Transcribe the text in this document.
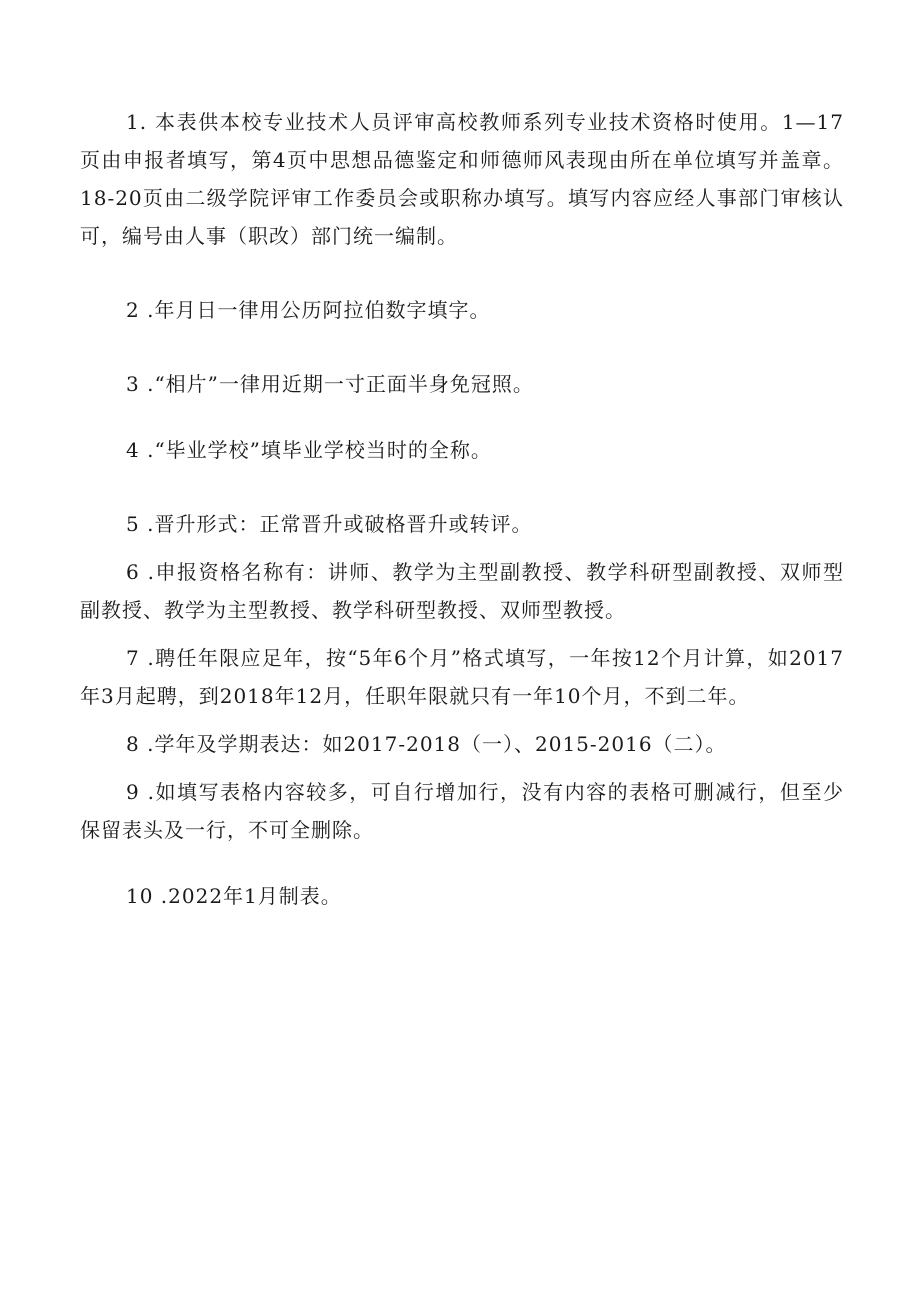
1. 本表供本校专业技术人员评审高校教师系列专业技术资格时使用。1—17页由申报者填写，第4页中思想品德鉴定和师德师风表现由所在单位填写并盖章。18-20页由二级学院评审工作委员会或职称办填写。填写内容应经人事部门审核认可，编号由人事（职改）部门统一编制。

2 .年月日一律用公历阿拉伯数字填字。

3 .“相片”一律用近期一寸正面半身免冠照。

4 .“毕业学校”填毕业学校当时的全称。

5 .晋升形式：正常晋升或破格晋升或转评。

6 .申报资格名称有：讲师、教学为主型副教授、教学科研型副教授、双师型副教授、教学为主型教授、教学科研型教授、双师型教授。

7 .聘任年限应足年，按“5年6个月”格式填写，一年按12个月计算，如2017年3月起聘，到2018年12月，任职年限就只有一年10个月，不到二年。

8 .学年及学期表达：如2017-2018（一）、2015-2016（二）。

9 .如填写表格内容较多，可自行增加行，没有内容的表格可删减行，但至少保留表头及一行，不可全删除。

10 .2022年1月制表。
